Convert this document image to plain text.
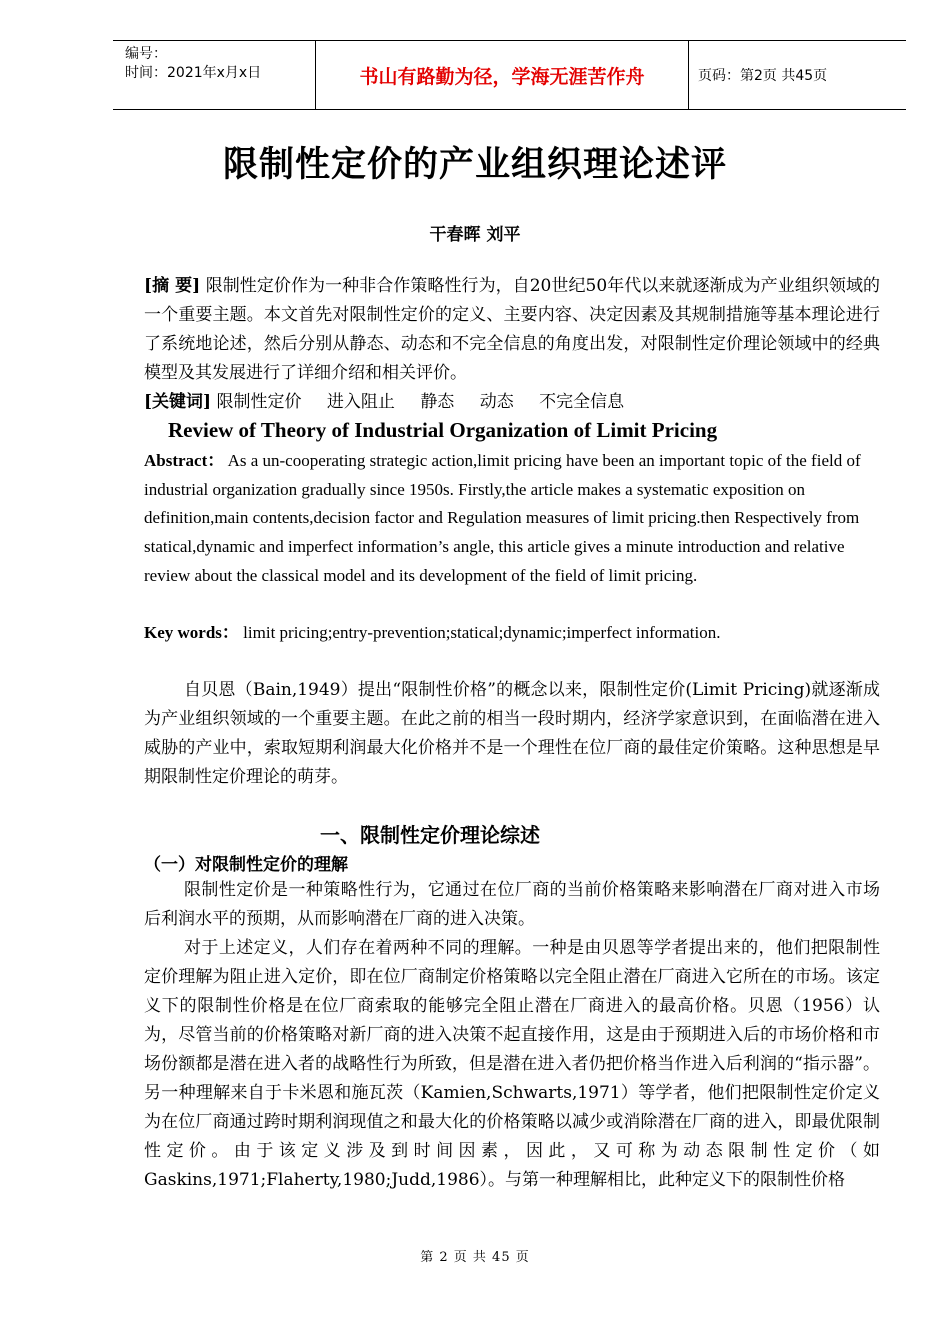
编号：
时间：2021年x月x日	书山有路勤为径，学海无涯苦作舟	页码：第2页 共45页
限制性定价的产业组织理论述评
干春晖 刘平
[摘 要] 限制性定价作为一种非合作策略性行为，自20世纪50年代以来就逐渐成为产业组织领域的一个重要主题。本文首先对限制性定价的定义、主要内容、决定因素及其规制措施等基本理论进行了系统地论述，然后分别从静态、动态和不完全信息的角度出发，对限制性定价理论领域中的经典模型及其发展进行了详细介绍和相关评价。
[关键词] 限制性定价 进入阻止 静态 动态 不完全信息
Review of Theory of Industrial Organization of Limit Pricing
Abstract： As a un-cooperating strategic action,limit pricing have been an important topic of the field of industrial organization gradually since 1950s. Firstly,the article makes a systematic exposition on definition,main contents,decision factor and Regulation measures of limit pricing.then Respectively from statical,dynamic and imperfect information’s angle, this article gives a minute introduction and relative review about the classical model and its development of the field of limit pricing.
Key words： limit pricing;entry-prevention;statical;dynamic;imperfect information.

自贝恩（Bain,1949）提出“限制性价格”的概念以来，限制性定价(Limit Pricing)就逐渐成为产业组织领域的一个重要主题。在此之前的相当一段时期内，经济学家意识到，在面临潜在进入威胁的产业中，索取短期利润最大化价格并不是一个理性在位厂商的最佳定价策略。这种思想是早期限制性定价理论的萌芽。

一、限制性定价理论综述
（一）对限制性定价的理解

限制性定价是一种策略性行为，它通过在位厂商的当前价格策略来影响潜在厂商对进入市场后利润水平的预期，从而影响潜在厂商的进入决策。

对于上述定义，人们存在着两种不同的理解。一种是由贝恩等学者提出来的，他们把限制性定价理解为阻止进入定价，即在位厂商制定价格策略以完全阻止潜在厂商进入它所在的市场。该定义下的限制性价格是在位厂商索取的能够完全阻止潜在厂商进入的最高价格。贝恩（1956）认为，尽管当前的价格策略对新厂商的进入决策不起直接作用，这是由于预期进入后的市场价格和市场份额都是潜在进入者的战略性行为所致，但是潜在进入者仍把价格当作进入后利润的“指示器”。另一种理解来自于卡米恩和施瓦茨（Kamien,Schwarts,1971）等学者，他们把限制性定价定义为在位厂商通过跨时期利润现值之和最大化的价格策略以减少或消除潜在厂商的进入，即最优限制性定价。由于该定义涉及到时间因素，因此，又可称为动态限制性定价（如Gaskins,1971;Flaherty,1980;Judd,1986）。与第一种理解相比，此种定义下的限制性价格

第 2 页 共 45 页
